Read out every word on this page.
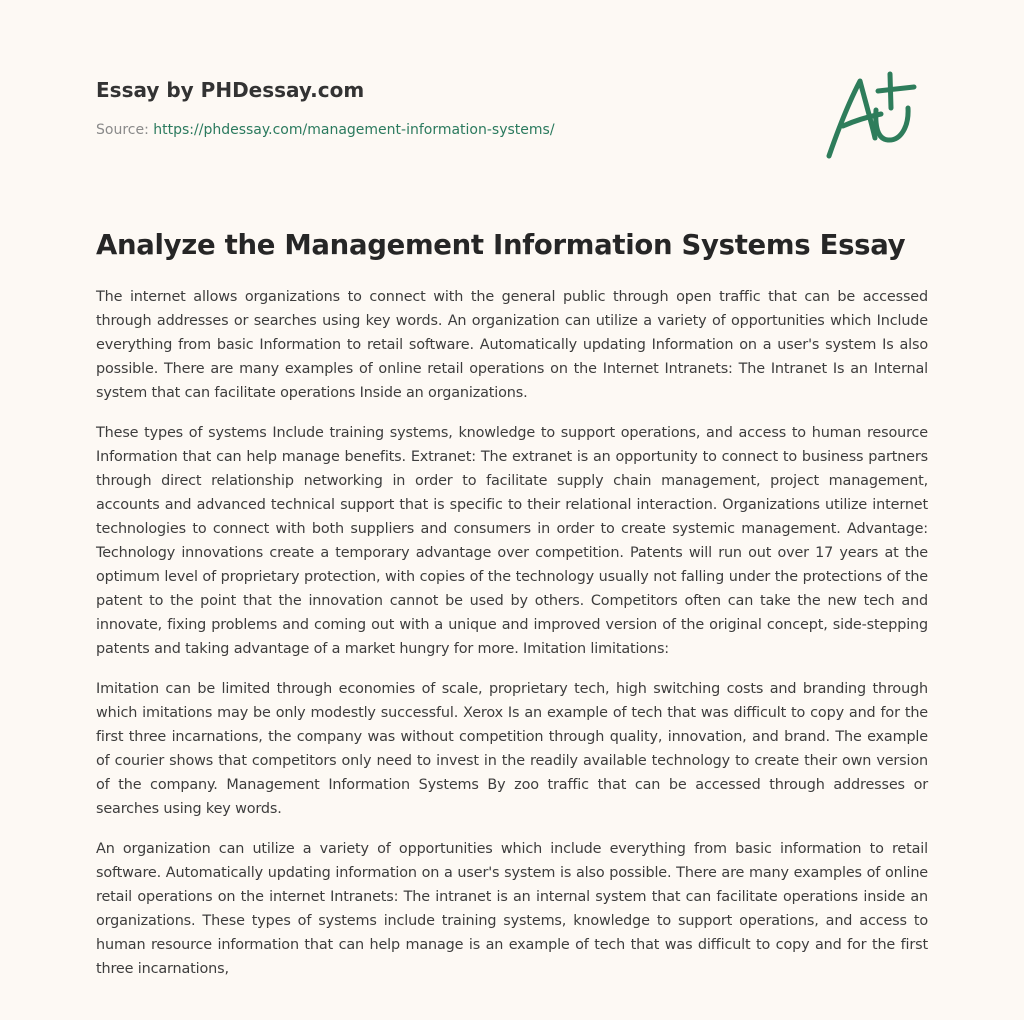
Essay by PHDessay.com
Source: https://phdessay.com/management-information-systems/
Analyze the Management Information Systems Essay

The internet allows organizations to connect with the general public through open traffic that can be accessed through addresses or searches using key words. An organization can utilize a variety of opportunities which Include everything from basic Information to retail software. Automatically updating Information on a user's system Is also possible. There are many examples of online retail operations on the Internet Intranets: The Intranet Is an Internal system that can facilitate operations Inside an organizations.

These types of systems Include training systems, knowledge to support operations, and access to human resource Information that can help manage benefits. Extranet: The extranet is an opportunity to connect to business partners through direct relationship networking in order to facilitate supply chain management, project management, accounts and advanced technical support that is specific to their relational interaction. Organizations utilize internet technologies to connect with both suppliers and consumers in order to create systemic management. Advantage: Technology innovations create a temporary advantage over competition. Patents will run out over 17 years at the optimum level of proprietary protection, with copies of the technology usually not falling under the protections of the patent to the point that the innovation cannot be used by others. Competitors often can take the new tech and innovate, fixing problems and coming out with a unique and improved version of the original concept, side-stepping patents and taking advantage of a market hungry for more. Imitation limitations:

Imitation can be limited through economies of scale, proprietary tech, high switching costs and branding through which imitations may be only modestly successful. Xerox Is an example of tech that was difficult to copy and for the first three incarnations, the company was without competition through quality, innovation, and brand. The example of courier shows that competitors only need to invest in the readily available technology to create their own version of the company. Management Information Systems By zoo traffic that can be accessed through addresses or searches using key words.

An organization can utilize a variety of opportunities which include everything from basic information to retail software. Automatically updating information on a user's system is also possible. There are many examples of online retail operations on the internet Intranets: The intranet is an internal system that can facilitate operations inside an organizations. These types of systems include training systems, knowledge to support operations, and access to human resource information that can help manage is an example of tech that was difficult to copy and for the first three incarnations,
